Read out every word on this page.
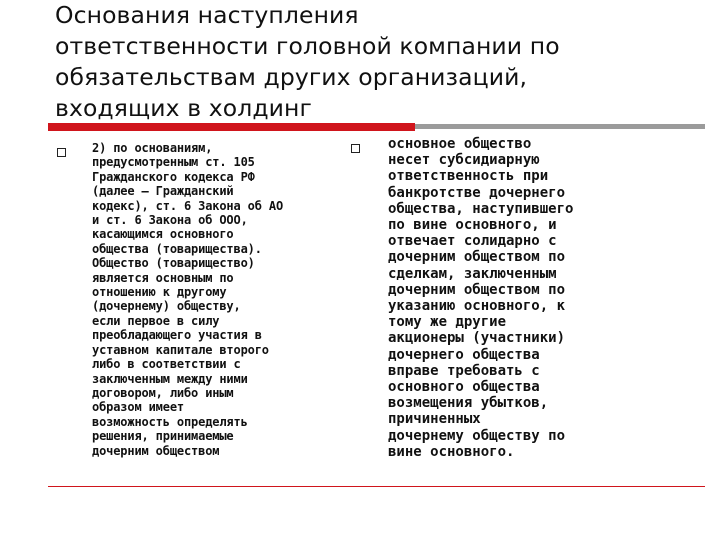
Основания наступления
ответственности головной компании по
обязательствам других организаций,
входящих в холдинг
2) по основаниям,
предусмотренным ст. 105
Гражданского кодекса РФ
(далее — Гражданский
кодекс), ст. 6 Закона об АО
и ст. 6 Закона об ООО,
касающимся основного
общества (товарищества).
Общество (товарищество)
является основным по
отношению к другому
(дочернему) обществу,
если первое в силу
преобладающего участия в
уставном капитале второго
либо в соответствии с
заключенным между ними
договором, либо иным
образом имеет
возможность определять
решения, принимаемые
дочерним обществом
основное общество
несет субсидиарную
ответственность при
банкротстве дочернего
общества, наступившего
по вине основного, и
отвечает солидарно с
дочерним обществом по
сделкам, заключенным
дочерним обществом по
указанию основного, к
тому же другие
акционеры (участники)
дочернего общества
вправе требовать с
основного общества
возмещения убытков,
причиненных
дочернему обществу по
вине основного.
